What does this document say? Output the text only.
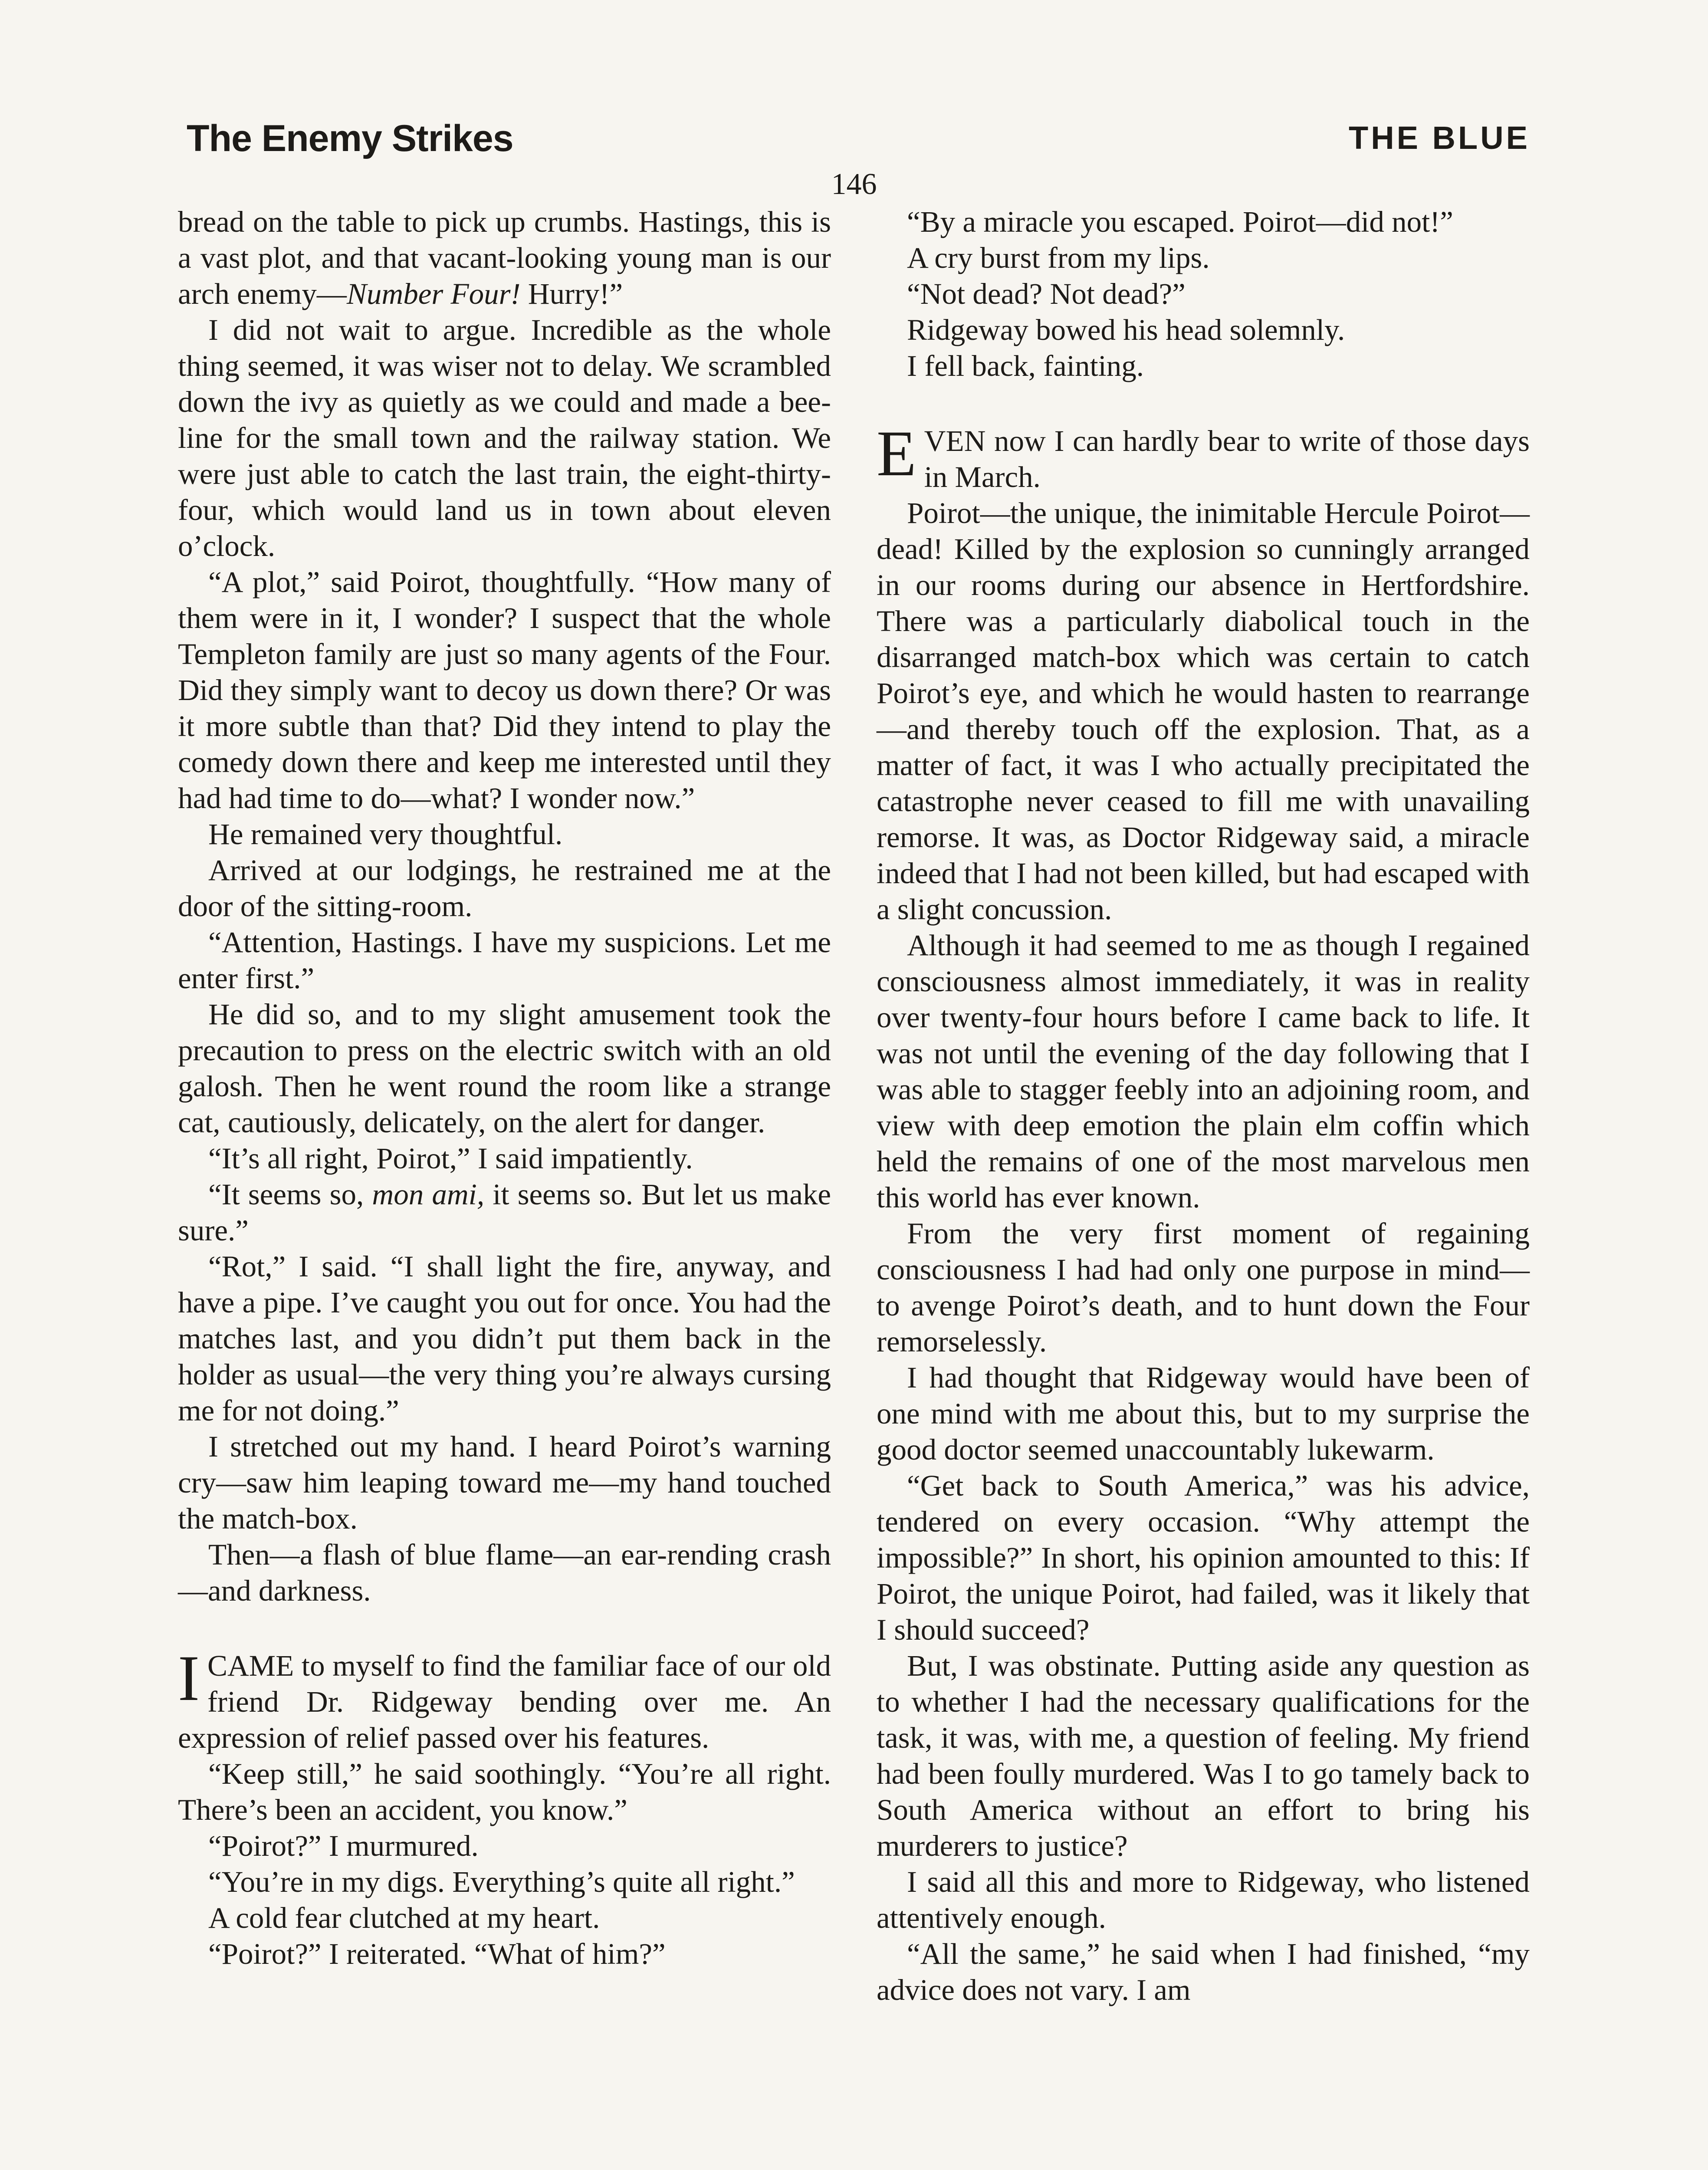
The Enemy Strikes	THE BLUE
146

bread on the table to pick up crumbs. Hastings, this is a vast plot, and that vacant-looking young man is our arch enemy—Number Four! Hurry!”

I did not wait to argue. Incredible as the whole thing seemed, it was wiser not to delay. We scrambled down the ivy as quietly as we could and made a bee-line for the small town and the railway station. We were just able to catch the last train, the eight-thirty-four, which would land us in town about eleven o’clock.

“A plot,” said Poirot, thoughtfully. “How many of them were in it, I wonder? I suspect that the whole Templeton family are just so many agents of the Four. Did they simply want to decoy us down there? Or was it more subtle than that? Did they intend to play the comedy down there and keep me interested until they had had time to do—what? I wonder now.”

He remained very thoughtful.

Arrived at our lodgings, he restrained me at the door of the sitting-room.

“Attention, Hastings. I have my suspicions. Let me enter first.”

He did so, and to my slight amusement took the precaution to press on the electric switch with an old galosh. Then he went round the room like a strange cat, cautiously, delicately, on the alert for danger.

“It’s all right, Poirot,” I said impatiently.

“It seems so, mon ami, it seems so. But let us make sure.”

“Rot,” I said. “I shall light the fire, anyway, and have a pipe. I’ve caught you out for once. You had the matches last, and you didn’t put them back in the holder as usual—the very thing you’re always cursing me for not doing.”

I stretched out my hand. I heard Poirot’s warning cry—saw him leaping toward me—my hand touched the match-box.

Then—a flash of blue flame—an ear-rending crash—and darkness.

I CAME to myself to find the familiar face of our old friend Dr. Ridgeway bending over me. An expression of relief passed over his features.

“Keep still,” he said soothingly. “You’re all right. There’s been an accident, you know.”

“Poirot?” I murmured.

“You’re in my digs. Everything’s quite all right.”

A cold fear clutched at my heart.

“Poirot?” I reiterated. “What of him?”

“By a miracle you escaped. Poirot—did not!”

A cry burst from my lips.

“Not dead? Not dead?”

Ridgeway bowed his head solemnly.

I fell back, fainting.

EVEN now I can hardly bear to write of those days in March.

Poirot—the unique, the inimitable Hercule Poirot—dead! Killed by the explosion so cunningly arranged in our rooms during our absence in Hertfordshire. There was a particularly diabolical touch in the disarranged match-box which was certain to catch Poirot’s eye, and which he would hasten to rearrange—and thereby touch off the explosion. That, as a matter of fact, it was I who actually precipitated the catastrophe never ceased to fill me with unavailing remorse. It was, as Doctor Ridgeway said, a miracle indeed that I had not been killed, but had escaped with a slight concussion.

Although it had seemed to me as though I regained consciousness almost immediately, it was in reality over twenty-four hours before I came back to life. It was not until the evening of the day following that I was able to stagger feebly into an adjoining room, and view with deep emotion the plain elm coffin which held the remains of one of the most marvelous men this world has ever known.

From the very first moment of regaining consciousness I had had only one purpose in mind—to avenge Poirot’s death, and to hunt down the Four remorselessly.

I had thought that Ridgeway would have been of one mind with me about this, but to my surprise the good doctor seemed unaccountably lukewarm.

“Get back to South America,” was his advice, tendered on every occasion. “Why attempt the impossible?” In short, his opinion amounted to this: If Poirot, the unique Poirot, had failed, was it likely that I should succeed?

But, I was obstinate. Putting aside any question as to whether I had the necessary qualifications for the task, it was, with me, a question of feeling. My friend had been foully murdered. Was I to go tamely back to South America without an effort to bring his murderers to justice?

I said all this and more to Ridgeway, who listened attentively enough.

“All the same,” he said when I had finished, “my advice does not vary. I am
